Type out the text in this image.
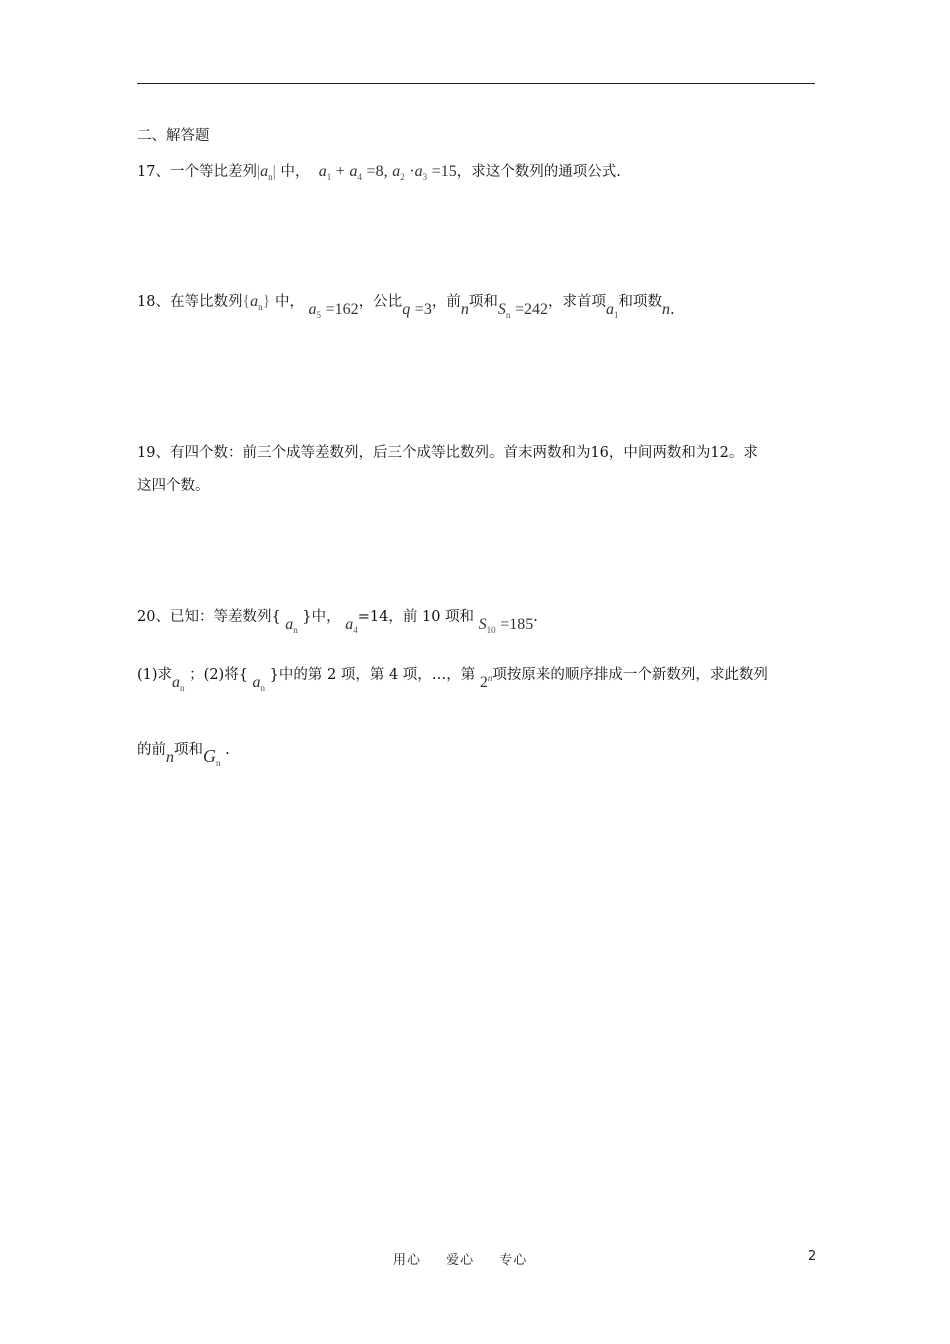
二、解答题
17、一个等比差列$|a_n|$ 中， $a_1 + a_4 =8$, $a_2 \cdot a_3 =15$，求这个数列的通项公式.
18、在等比数列$\{a_n\}$ 中， $a_5 =162$，公比q =3，前n项和$S_n =242$，求首项$a_1$和项数n.
19、有四个数：前三个成等差数列，后三个成等比数列。首末两数和为16，中间两数和为12。求
这四个数。
20、已知：等差数列{ $a_n$ }中， $a_4=14$，前 10 项和 $S_{10} =185$.
(1)求$a_n$ ；(2)将{ $a_n$ }中的第 2 项，第 4 项，…，第 2$^n$项按原来的顺序排成一个新数列，求此数列
的前n项和$G_n$ .
用心 爱心 专心	2
